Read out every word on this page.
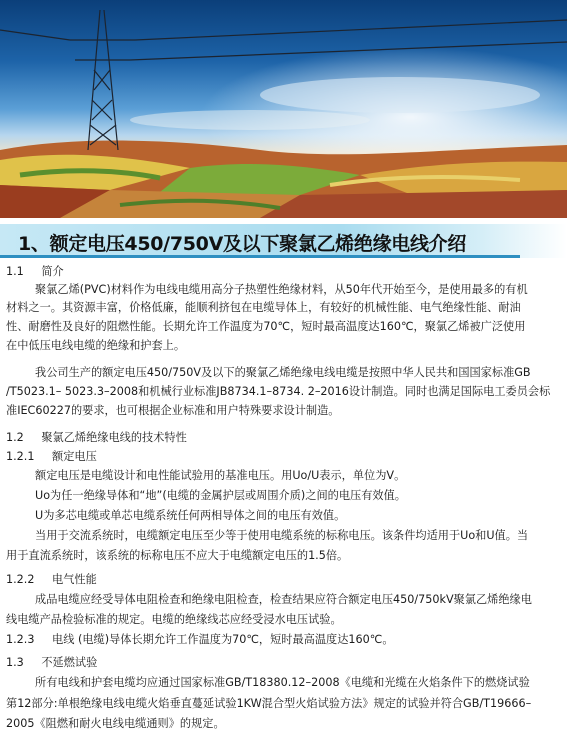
1、额定电压450/750V及以下聚氯乙烯绝缘电线介绍
1.1 简介
聚氯乙烯(PVC)材料作为电线电缆用高分子热塑性绝缘材料，从50年代开始至今，是使用最多的有机
材料之一。其资源丰富，价格低廉，能顺利挤包在电缆导体上，有较好的机械性能、电气绝缘性能、耐油
性、耐磨性及良好的阻燃性能。长期允许工作温度为70℃，短时最高温度达160℃，聚氯乙烯被广泛使用
在中低压电线电缆的绝缘和护套上。
我公司生产的额定电压450/750V及以下的聚氯乙烯绝缘电线电缆是按照中华人民共和国国家标准GB
/T5023.1– 5023.3–2008和机械行业标准JB8734.1–8734. 2–2016设计制造。同时也满足国际电工委员会标
准IEC60227的要求，也可根据企业标准和用户特殊要求设计制造。
1.2 聚氯乙烯绝缘电线的技术特性
1.2.1 额定电压
额定电压是电缆设计和电性能试验用的基准电压。用Uo/U表示，单位为V。
Uo为任一绝缘导体和“地”(电缆的金属护层或周围介质)之间的电压有效值。
U为多芯电缆或单芯电缆系统任何两相导体之间的电压有效值。
当用于交流系统时，电缆额定电压至少等于使用电缆系统的标称电压。该条件均适用于Uo和U值。当
用于直流系统时，该系统的标称电压不应大于电缆额定电压的1.5倍。
1.2.2 电气性能
成品电缆应经受导体电阻检查和绝缘电阻检查，检查结果应符合额定电压450/750kV聚氯乙烯绝缘电
线电缆产品检验标准的规定。电缆的绝缘线芯应经受浸水电压试验。
1.2.3 电线 (电缆)导体长期允许工作温度为70℃，短时最高温度达160℃。
1.3 不延燃试验
所有电线和护套电缆均应通过国家标准GB/T18380.12–2008《电缆和光缆在火焰条件下的燃烧试验
第12部分:单根绝缘电线电缆火焰垂直蔓延试验1KW混合型火焰试验方法》规定的试验并符合GB/T19666–
2005《阻燃和耐火电线电缆通则》的规定。
